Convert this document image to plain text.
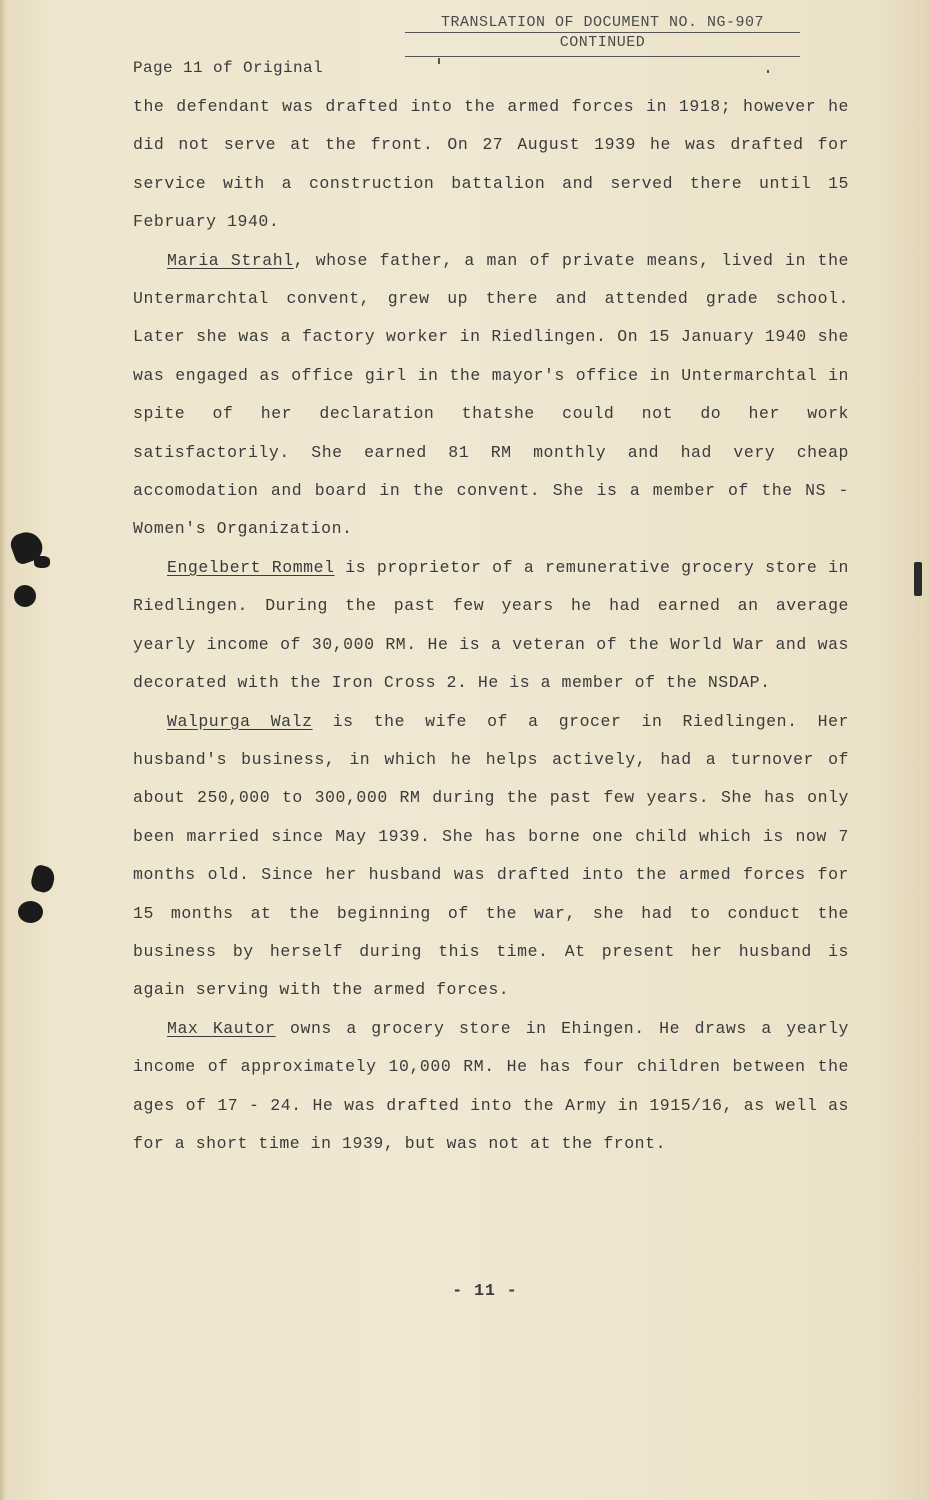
TRANSLATION OF DOCUMENT NO. NG-907
CONTINUED
Page 11 of Original

the defendant was drafted into the armed forces in 1918; however he did not serve at the front. On 27 August 1939 he was drafted for service with a construction battalion and served there until 15 February 1940.

Maria Strahl, whose father, a man of private means, lived in the Untermarchtal convent, grew up there and attended grade school. Later she was a factory worker in Riedlingen. On 15 January 1940 she was engaged as office girl in the mayor's office in Untermarchtal in spite of her declaration thatshe could not do her work satisfactorily. She earned 81 RM monthly and had very cheap accomodation and board in the convent. She is a member of the NS - Women's Organization.

Engelbert Rommel is proprietor of a remunerative grocery store in Riedlingen. During the past few years he had earned an average yearly income of 30,000 RM. He is a veteran of the World War and was decorated with the Iron Cross 2. He is a member of the NSDAP.

Walpurga Walz is the wife of a grocer in Riedlingen. Her husband's business, in which he helps actively, had a turnover of about 250,000 to 300,000 RM during the past few years. She has only been married since May 1939. She has borne one child which is now 7 months old. Since her husband was drafted into the armed forces for 15 months at the beginning of the war, she had to conduct the business by herself during this time. At present her husband is again serving with the armed forces.

Max Kautor owns a grocery store in Ehingen. He draws a yearly income of approximately 10,000 RM. He has four children between the ages of 17 - 24. He was drafted into the Army in 1915/16, as well as for a short time in 1939, but was not at the front.

- 11 -
